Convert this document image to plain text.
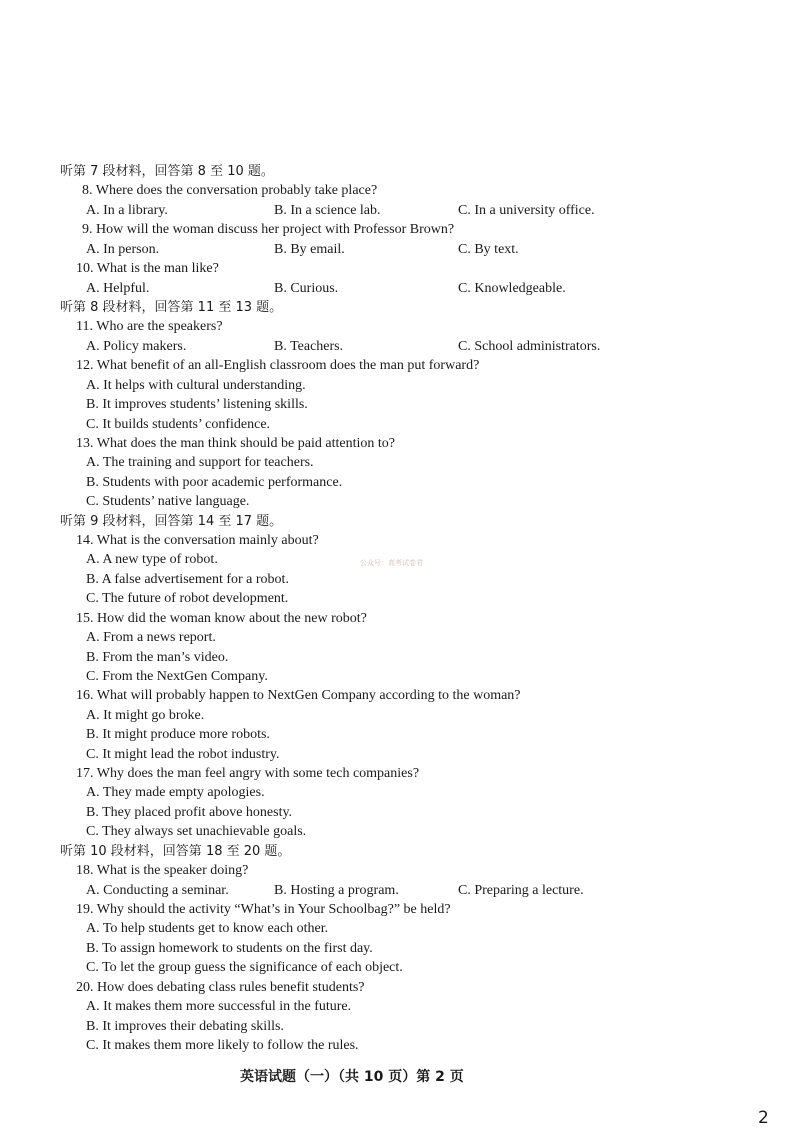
听第 7 段材料，回答第 8 至 10 题。
8. Where does the conversation probably take place?
A. In a library.	B. In a science lab.	C. In a university office.
9. How will the woman discuss her project with Professor Brown?
A. In person.	B. By email.	C. By text.
10. What is the man like?
A. Helpful.	B. Curious.	C. Knowledgeable.
听第 8 段材料，回答第 11 至 13 题。
11. Who are the speakers?
A. Policy makers.	B. Teachers.	C. School administrators.
12. What benefit of an all-English classroom does the man put forward?
A. It helps with cultural understanding.
B. It improves students’ listening skills.
C. It builds students’ confidence.
13. What does the man think should be paid attention to?
A. The training and support for teachers.
B. Students with poor academic performance.
C. Students’ native language.
听第 9 段材料，回答第 14 至 17 题。
14. What is the conversation mainly about?
A. A new type of robot.
B. A false advertisement for a robot.
C. The future of robot development.
15. How did the woman know about the new robot?
A. From a news report.
B. From the man’s video.
C. From the NextGen Company.
16. What will probably happen to NextGen Company according to the woman?
A. It might go broke.
B. It might produce more robots.
C. It might lead the robot industry.
17. Why does the man feel angry with some tech companies?
A. They made empty apologies.
B. They placed profit above honesty.
C. They always set unachievable goals.
听第 10 段材料，回答第 18 至 20 题。
18. What is the speaker doing?
A. Conducting a seminar.	B. Hosting a program.	C. Preparing a lecture.
19. Why should the activity “What’s in Your Schoolbag?” be held?
A. To help students get to know each other.
B. To assign homework to students on the first day.
C. To let the group guess the significance of each object.
20. How does debating class rules benefit students?
A. It makes them more successful in the future.
B. It improves their debating skills.
C. It makes them more likely to follow the rules.
公众号：高考试卷君
英语试题（一）（共 10 页）第 2 页
2
